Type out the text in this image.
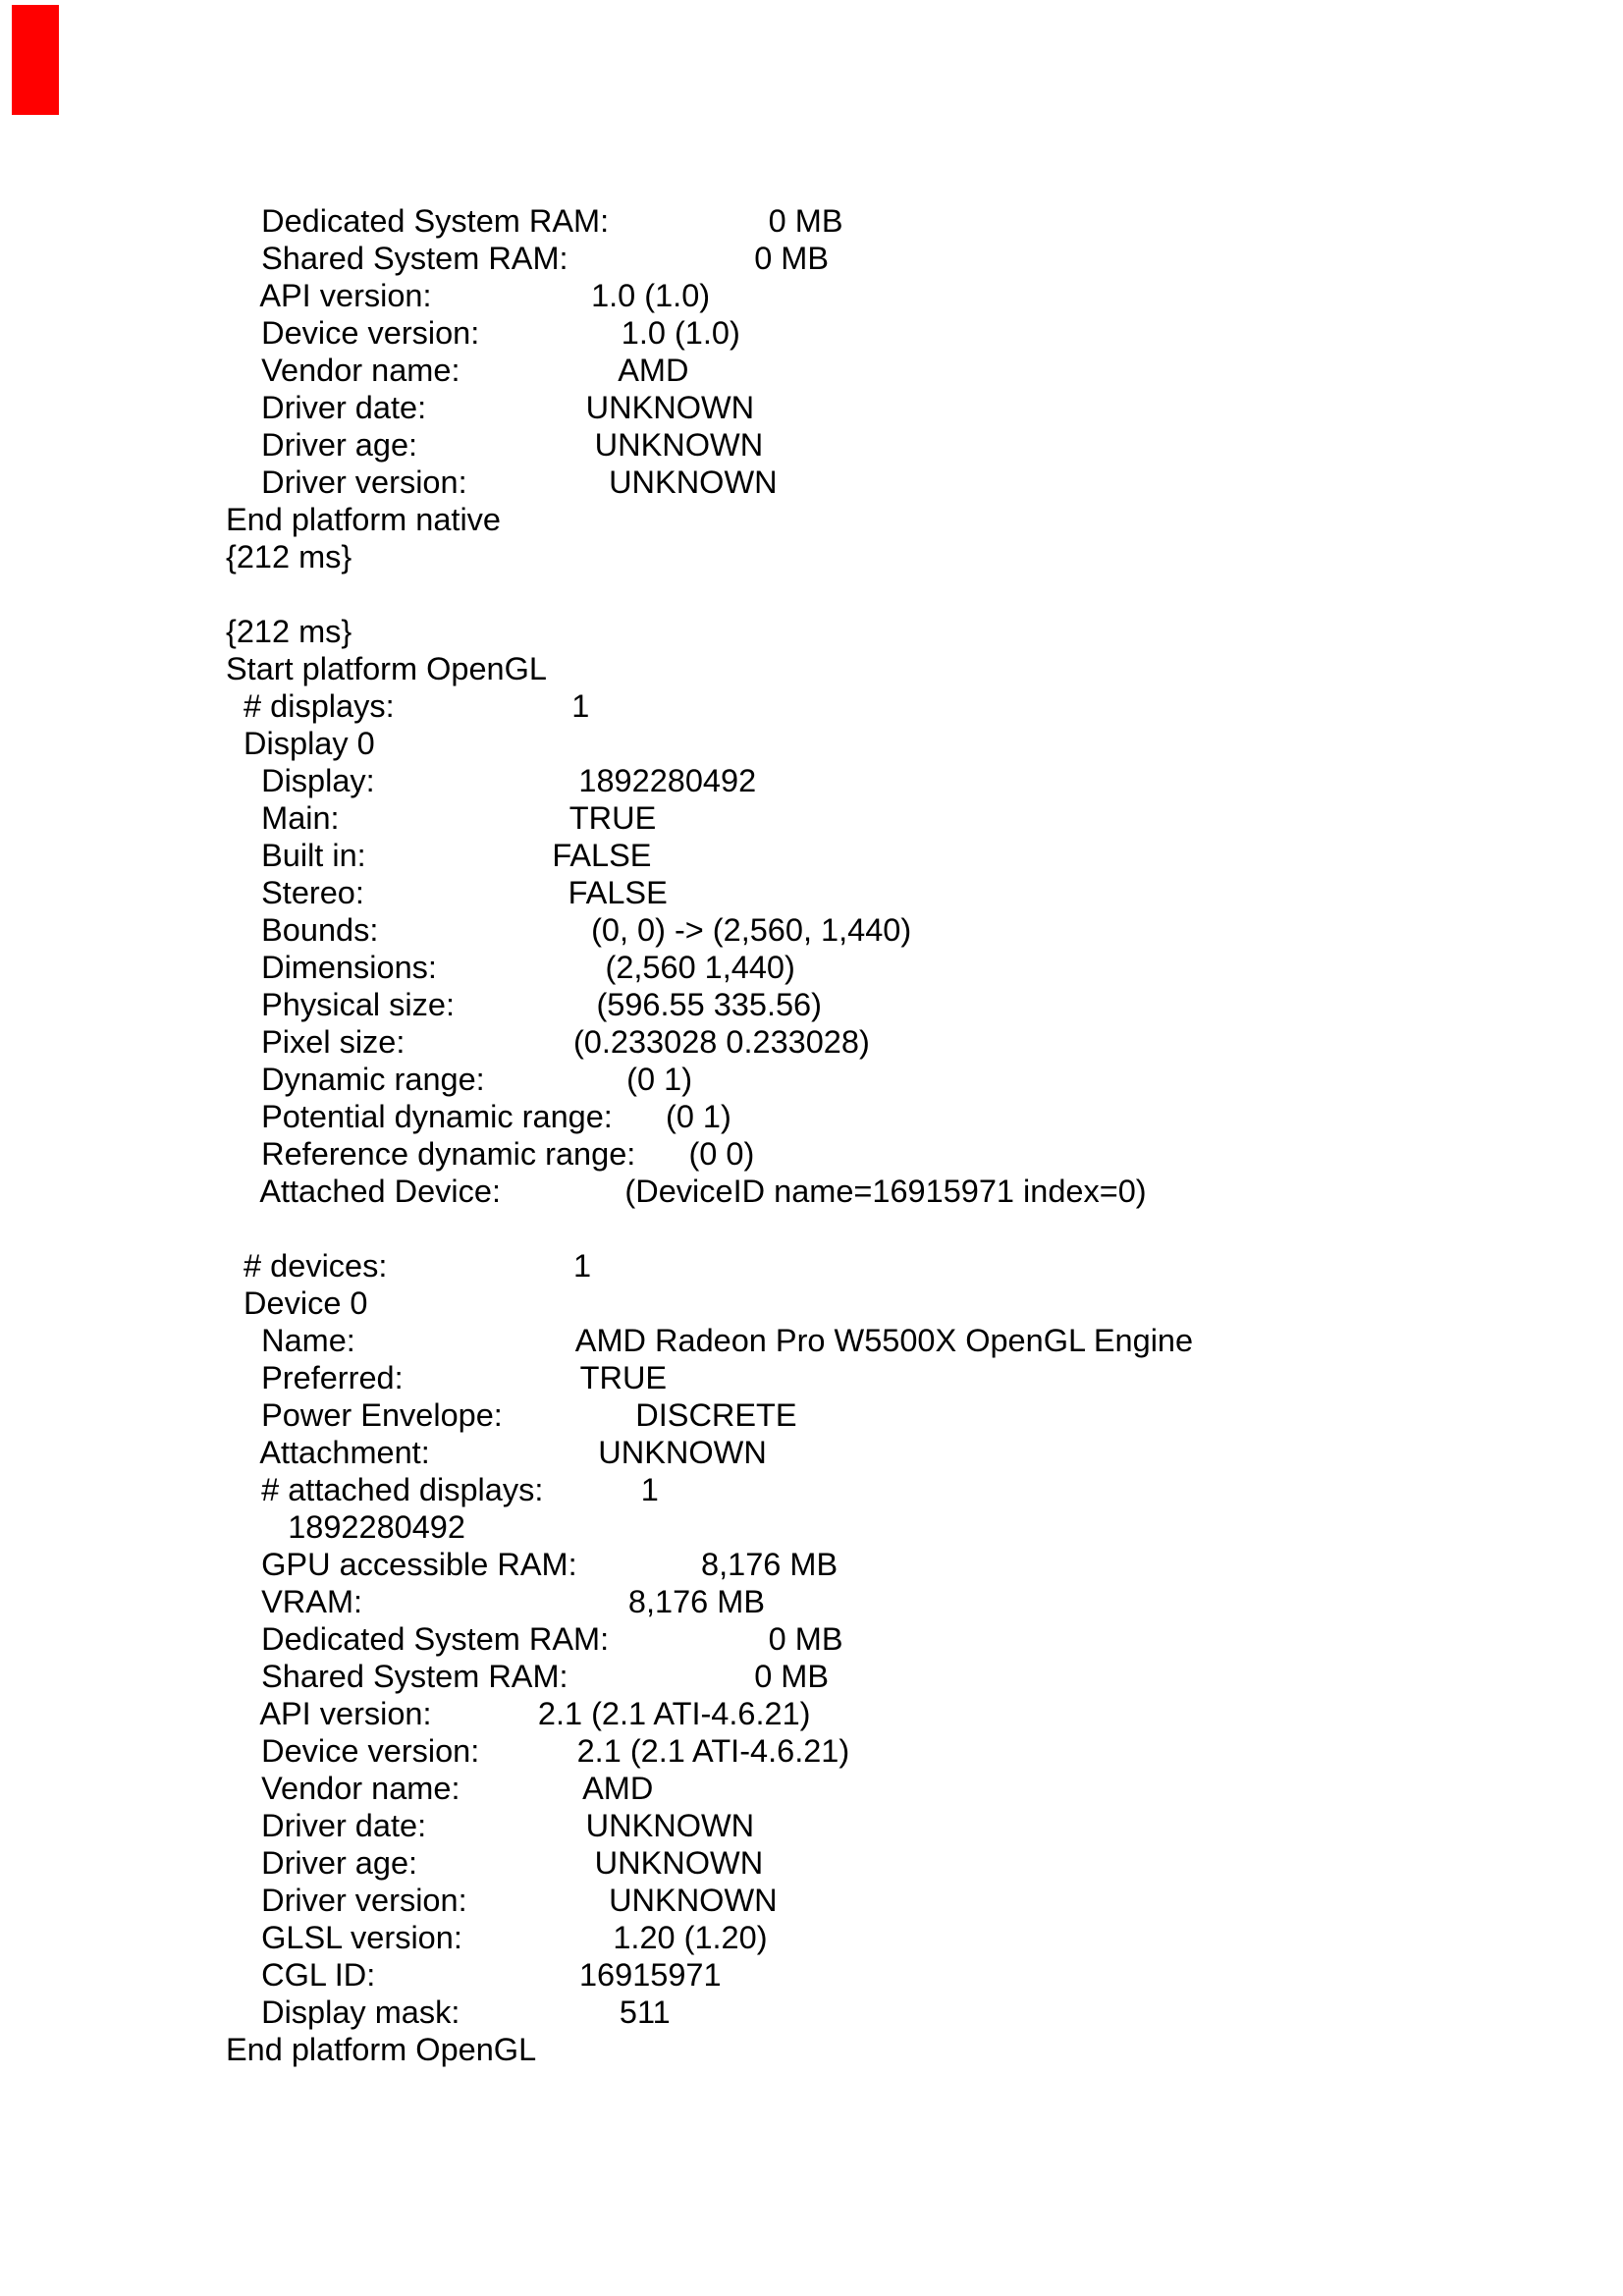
Dedicated System RAM:                  0 MB
Shared System RAM:                     0 MB
API version:                  1.0 (1.0)
Device version:                1.0 (1.0)
Vendor name:                  AMD
Driver date:                  UNKNOWN
Driver age:                    UNKNOWN
Driver version:                UNKNOWN
End platform native
{212 ms}
{212 ms}
Start platform OpenGL
# displays:                    1
Display 0
Display:                       1892280492
Main:                          TRUE
Built in:                     FALSE
Stereo:                       FALSE
Bounds:                        (0, 0) -> (2,560, 1,440)
Dimensions:                   (2,560 1,440)
Physical size:                (596.55 335.56)
Pixel size:                   (0.233028 0.233028)
Dynamic range:                (0 1)
Potential dynamic range:      (0 1)
Reference dynamic range:      (0 0)
Attached Device:              (DeviceID name=16915971 index=0)
# devices:                     1
Device 0
Name:                         AMD Radeon Pro W5500X OpenGL Engine
Preferred:                    TRUE
Power Envelope:               DISCRETE
Attachment:                   UNKNOWN
# attached displays:           1
1892280492
GPU accessible RAM:              8,176 MB
VRAM:                              8,176 MB
Dedicated System RAM:                  0 MB
Shared System RAM:                     0 MB
API version:            2.1 (2.1 ATI-4.6.21)
Device version:           2.1 (2.1 ATI-4.6.21)
Vendor name:              AMD
Driver date:                  UNKNOWN
Driver age:                    UNKNOWN
Driver version:                UNKNOWN
GLSL version:                 1.20 (1.20)
CGL ID:                       16915971
Display mask:                  511
End platform OpenGL
